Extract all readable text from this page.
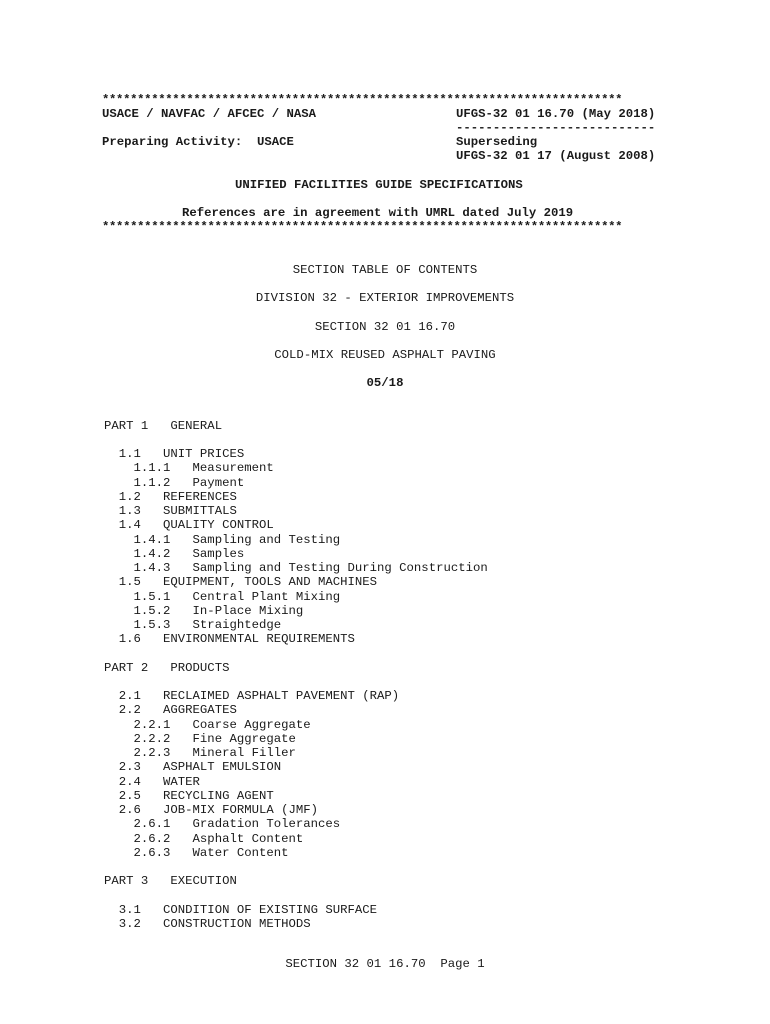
**************************************************************************
USACE / NAVFAC / AFCEC / NASA	UFGS-32 01 16.70 (May 2018)
---------------------------
Preparing Activity:  USACE	Superseding
UFGS-32 01 17 (August 2008)
UNIFIED FACILITIES GUIDE SPECIFICATIONS
References are in agreement with UMRL dated July 2019
**************************************************************************
SECTION TABLE OF CONTENTS
DIVISION 32 - EXTERIOR IMPROVEMENTS
SECTION 32 01 16.70
COLD-MIX REUSED ASPHALT PAVING
05/18
PART 1   GENERAL
1.1   UNIT PRICES
1.1.1   Measurement
1.1.2   Payment
1.2   REFERENCES
1.3   SUBMITTALS
1.4   QUALITY CONTROL
1.4.1   Sampling and Testing
1.4.2   Samples
1.4.3   Sampling and Testing During Construction
1.5   EQUIPMENT, TOOLS AND MACHINES
1.5.1   Central Plant Mixing
1.5.2   In-Place Mixing
1.5.3   Straightedge
1.6   ENVIRONMENTAL REQUIREMENTS
PART 2   PRODUCTS
2.1   RECLAIMED ASPHALT PAVEMENT (RAP)
2.2   AGGREGATES
2.2.1   Coarse Aggregate
2.2.2   Fine Aggregate
2.2.3   Mineral Filler
2.3   ASPHALT EMULSION
2.4   WATER
2.5   RECYCLING AGENT
2.6   JOB-MIX FORMULA (JMF)
2.6.1   Gradation Tolerances
2.6.2   Asphalt Content
2.6.3   Water Content
PART 3   EXECUTION
3.1   CONDITION OF EXISTING SURFACE
3.2   CONSTRUCTION METHODS
SECTION 32 01 16.70  Page 1
